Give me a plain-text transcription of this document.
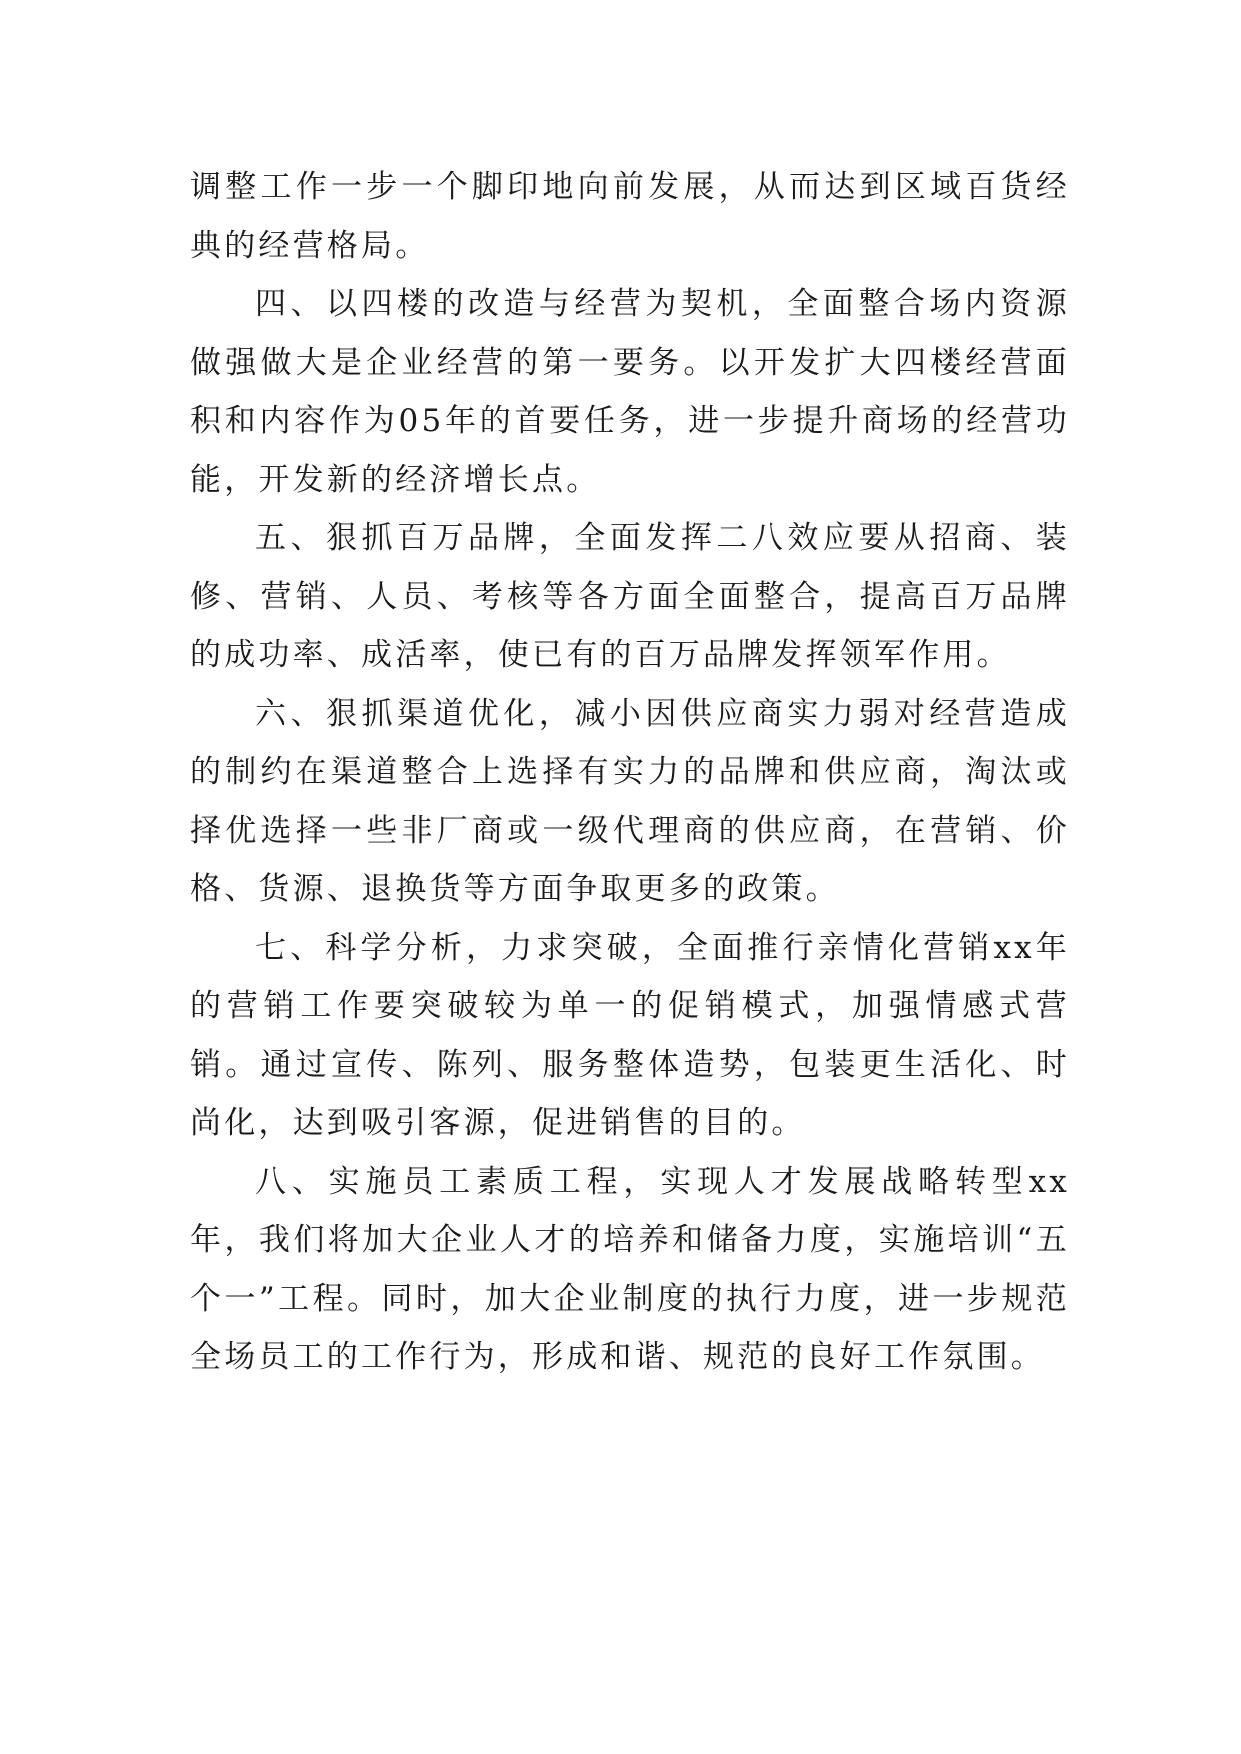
调整工作一步一个脚印地向前发展，从而达到区域百货经典的经营格局。

四、以四楼的改造与经营为契机，全面整合场内资源做强做大是企业经营的第一要务。以开发扩大四楼经营面积和内容作为05年的首要任务，进一步提升商场的经营功能，开发新的经济增长点。

五、狠抓百万品牌，全面发挥二八效应要从招商、装修、营销、人员、考核等各方面全面整合，提高百万品牌的成功率、成活率，使已有的百万品牌发挥领军作用。

六、狠抓渠道优化，减小因供应商实力弱对经营造成的制约在渠道整合上选择有实力的品牌和供应商，淘汰或择优选择一些非厂商或一级代理商的供应商，在营销、价格、货源、退换货等方面争取更多的政策。

七、科学分析，力求突破，全面推行亲情化营销xx年的营销工作要突破较为单一的促销模式，加强情感式营销。通过宣传、陈列、服务整体造势，包装更生活化、时尚化，达到吸引客源，促进销售的目的。

八、实施员工素质工程，实现人才发展战略转型xx年，我们将加大企业人才的培养和储备力度，实施培训“五个一”工程。同时，加大企业制度的执行力度，进一步规范全场员工的工作行为，形成和谐、规范的良好工作氛围。
